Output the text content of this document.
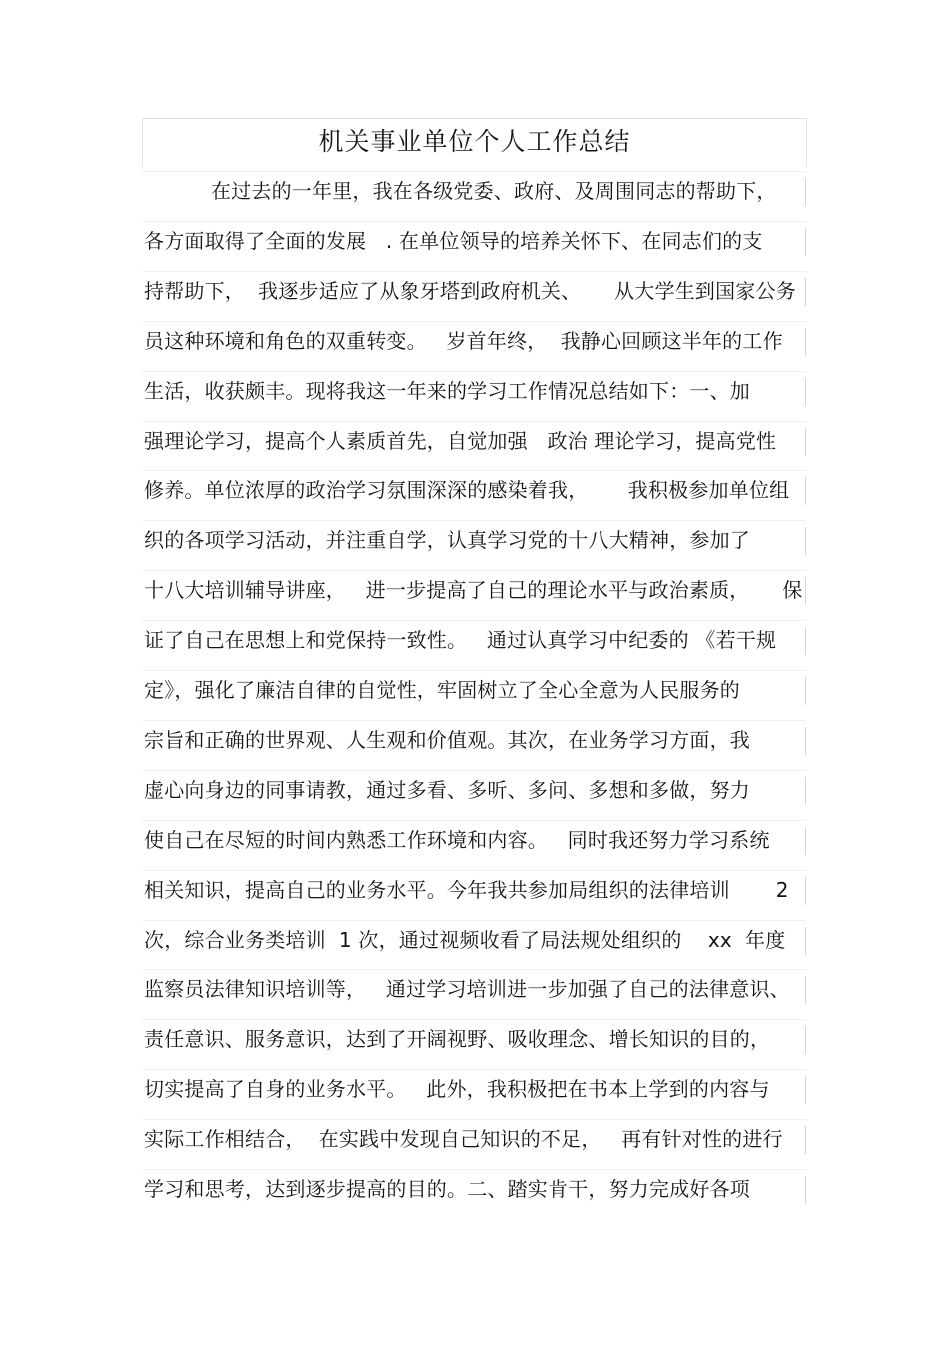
机关事业单位个人工作总结
在过去的一年里，我在各级党委、政府、及周围同志的帮助下，
各方面取得了全面的发展   . 在单位领导的培养关怀下、在同志们的支
持帮助下，  我逐步适应了从象牙塔到政府机关、     从大学生到国家公务
员这种环境和角色的双重转变。   岁首年终，  我静心回顾这半年的工作
生活，收获颇丰。现将我这一年来的学习工作情况总结如下：一、加
强理论学习，提高个人素质首先，自觉加强   政治 理论学习，提高党性
修养。单位浓厚的政治学习氛围深深的感染着我，      我积极参加单位组
织的各项学习活动，并注重自学，认真学习党的十八大精神，参加了
十八大培训辅导讲座，   进一步提高了自己的理论水平与政治素质，     保
证了自己在思想上和党保持一致性。   通过认真学习中纪委的 《若干规
定》，强化了廉洁自律的自觉性，牢固树立了全心全意为人民服务的
宗旨和正确的世界观、人生观和价值观。其次，在业务学习方面，我
虚心向身边的同事请教，通过多看、多听、多问、多想和多做，努力
使自己在尽短的时间内熟悉工作环境和内容。   同时我还努力学习系统
相关知识，提高自己的业务水平。今年我共参加局组织的法律培训       2
次，综合业务类培训  1 次，通过视频收看了局法规处组织的    xx  年度
监察员法律知识培训等，   通过学习培训进一步加强了自己的法律意识、
责任意识、服务意识，达到了开阔视野、吸收理念、增长知识的目的，
切实提高了自身的业务水平。   此外，我积极把在书本上学到的内容与
实际工作相结合，  在实践中发现自己知识的不足，   再有针对性的进行
学习和思考，达到逐步提高的目的。二、踏实肯干，努力完成好各项
